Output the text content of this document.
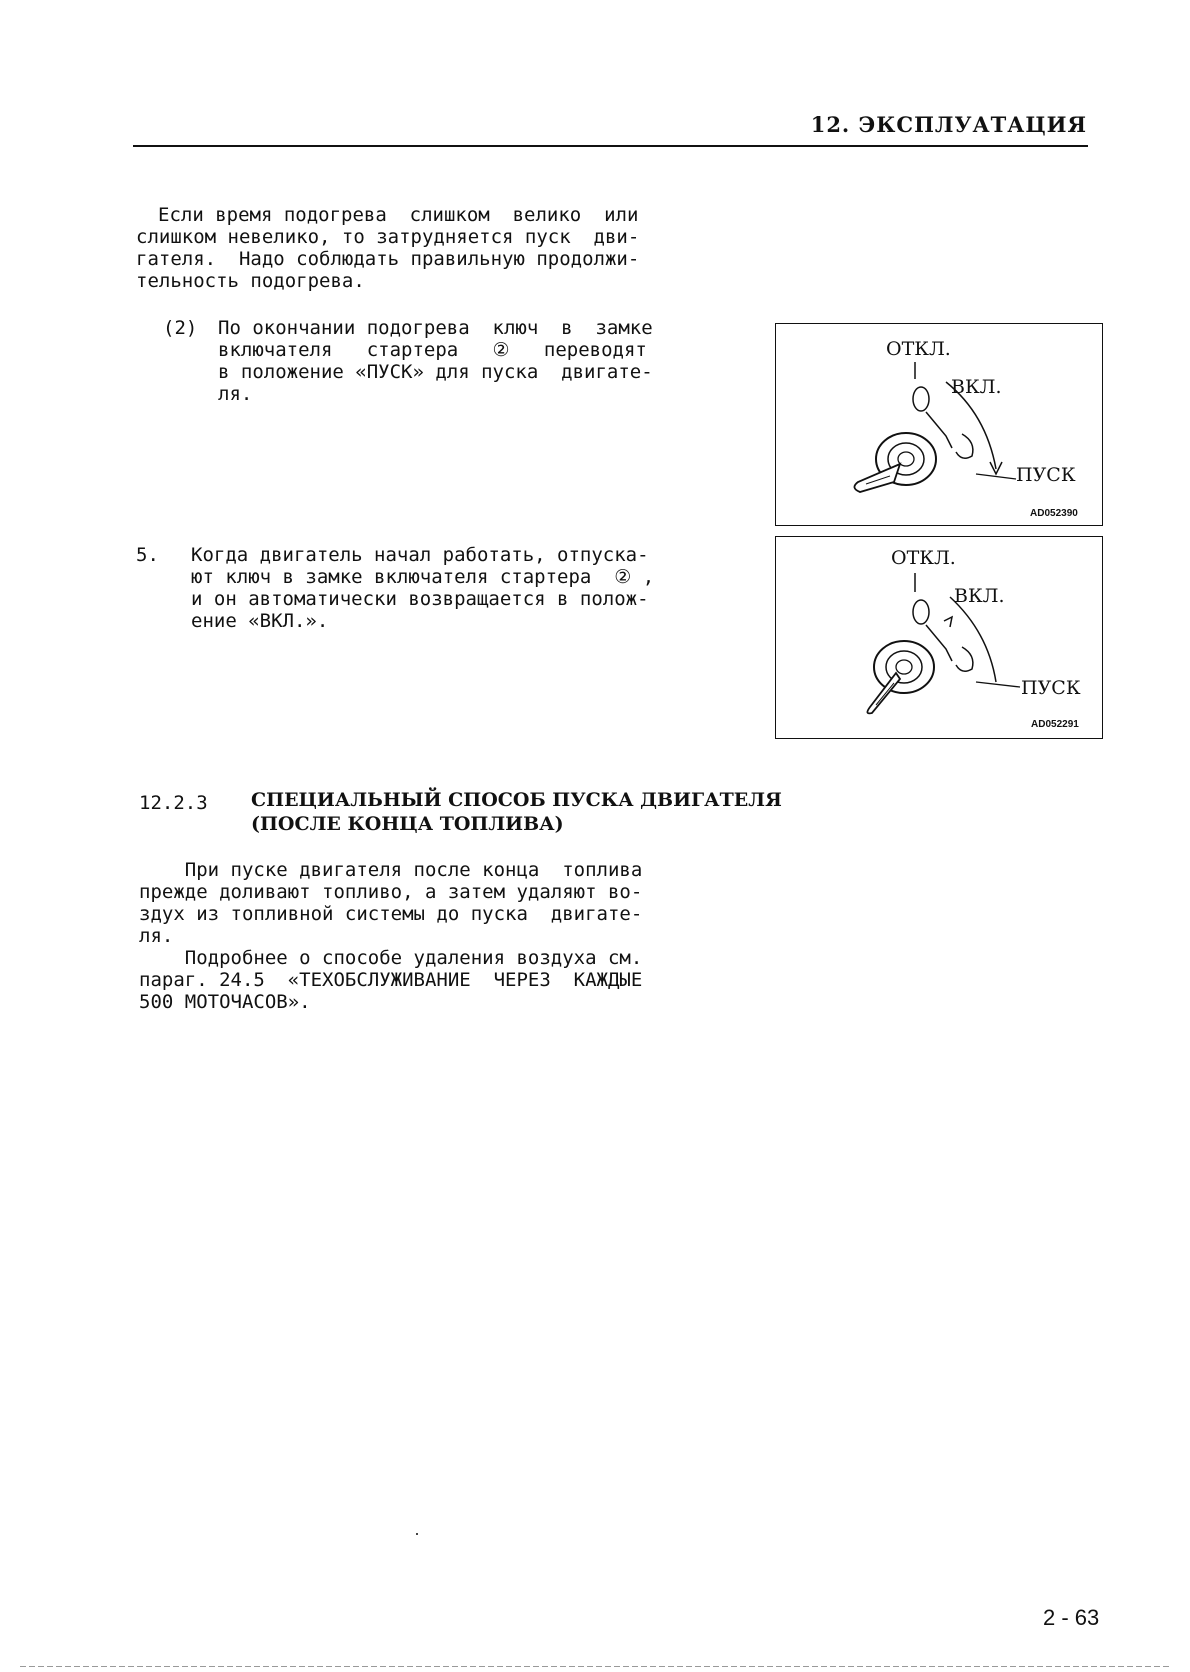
12. ЭКСПЛУАТАЦИЯ
Если время подогрева  слишком  велико  или
слишком невелико, то затрудняется пуск  дви-
гателя.  Надо соблюдать правильную продолжи-
тельность подогрева.
(2) По окончании подогрева  ключ  в  замке
включателя   стартера   ②   переводят
в положение «ПУСК» для пуска  двигате-
ля.
ОТКЛ.
ВКЛ.
ПУСК
AD052390
5. Когда двигатель начал работать, отпуска-
ют ключ в замке включателя стартера  ② ,
и он автоматически возвращается в полож-
ение «ВКЛ.».
ОТКЛ.
ВКЛ.
ПУСК
AD052291
12.2.3 СПЕЦИАЛЬНЫЙ СПОСОБ ПУСКА ДВИГАТЕЛЯ
(ПОСЛЕ КОНЦА ТОПЛИВА)
При пуске двигателя после конца  топлива
прежде доливают топливо, а затем удаляют во-
здух из топливной системы до пуска  двигате-
ля.
Подробнее о способе удаления воздуха см.
параг. 24.5  «ТЕХОБСЛУЖИВАНИЕ  ЧЕРЕЗ  КАЖДЫЕ
500 МОТОЧАСОВ».
2 - 63
